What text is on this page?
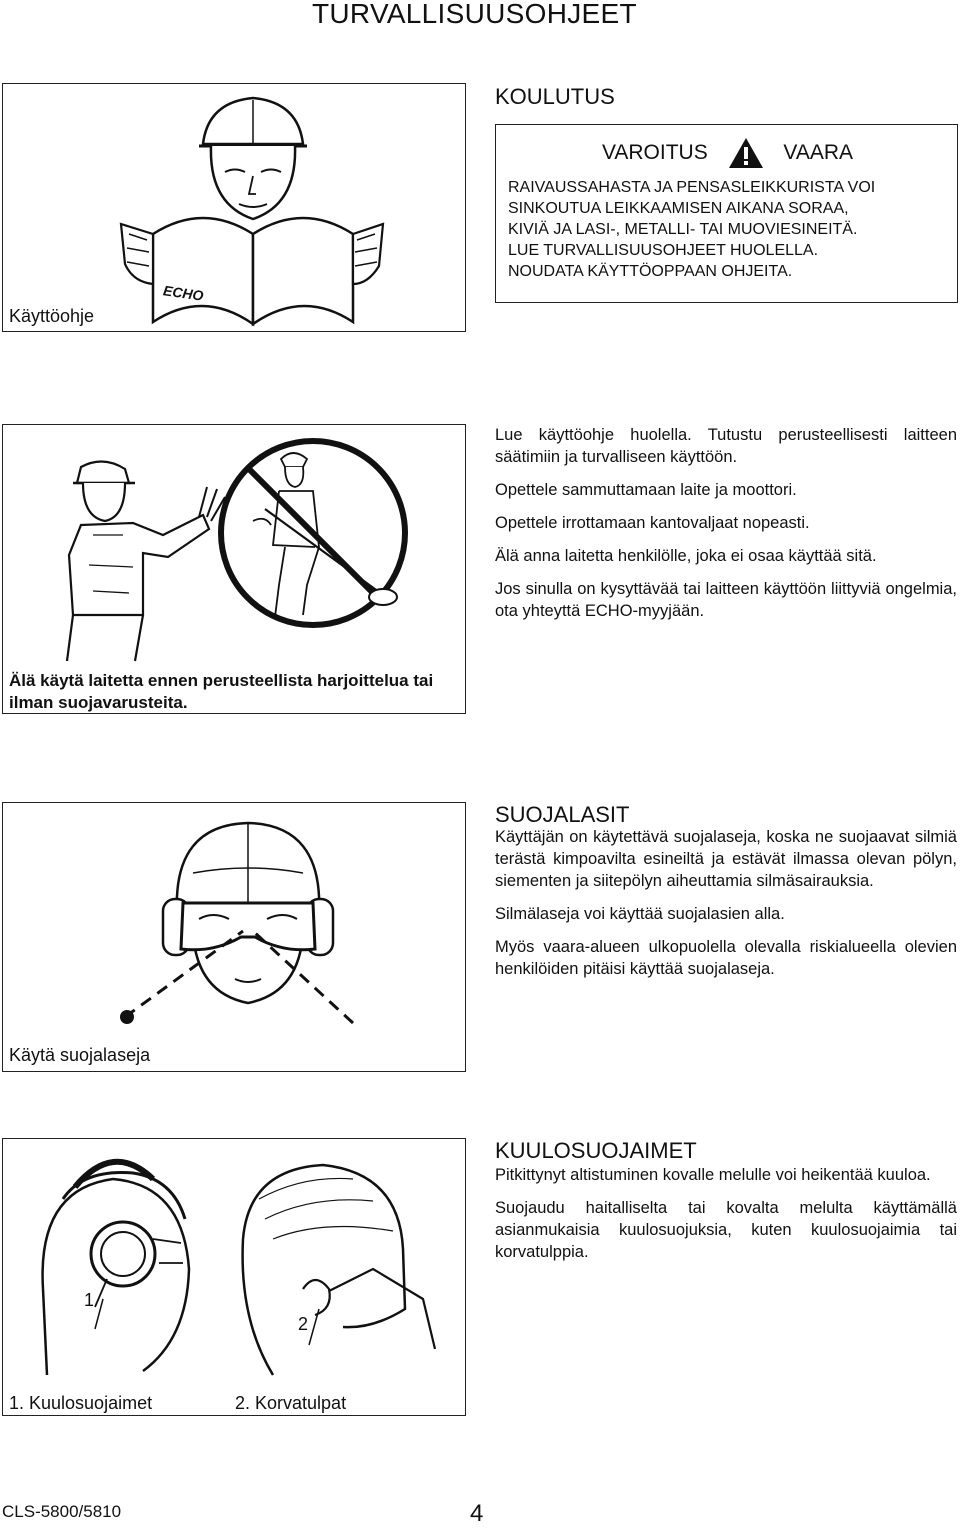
TURVALLISUUSOHJEET
ECHO
Käyttöohje
KOULUTUS
VAROITUS	VAARA
RAIVAUSSAHASTA JA PENSASLEIKKURISTA VOI
SINKOUTUA LEIKKAAMISEN AIKANA SORAA,
KIVIÄ JA LASI-, METALLI- TAI MUOVIESINEITÄ.
LUE TURVALLISUUSOHJEET HUOLELLA.
NOUDATA KÄYTTÖOPPAAN OHJEITA.
Älä käytä laitetta ennen perusteellista harjoittelua tai ilman suojavarusteita.

Lue käyttöohje huolella. Tutustu perusteellisesti laitteen säätimiin ja turvalliseen käyttöön.

Opettele sammuttamaan laite ja moottori.

Opettele irrottamaan kantovaljaat nopeasti.

Älä anna laitetta henkilölle, joka ei osaa käyttää sitä.

Jos sinulla on kysyttävää tai laitteen käyttöön liittyviä ongelmia, ota yhteyttä ECHO-myyjään.

Käytä suojalaseja
SUOJALASIT

Käyttäjän on käytettävä suojalaseja, koska ne suojaavat silmiä terästä kimpoavilta esineiltä ja estävät ilmassa olevan pölyn, siementen ja siitepölyn aiheuttamia silmäsairauksia.

Silmälaseja voi käyttää suojalasien alla.

Myös vaara-alueen ulkopuolella olevalla riskialueella olevien henkilöiden pitäisi käyttää suojalaseja.

1. Kuulosuojaimet	2. Korvatulpat
2
KUULOSUOJAIMET

Pitkittynyt altistuminen kovalle melulle voi heikentää kuuloa.

Suojaudu haitalliselta tai kovalta melulta käyttämällä asianmukaisia kuulosuojuksia, kuten kuulosuojaimia tai korvatulppia.

CLS-5800/5810	4
1
